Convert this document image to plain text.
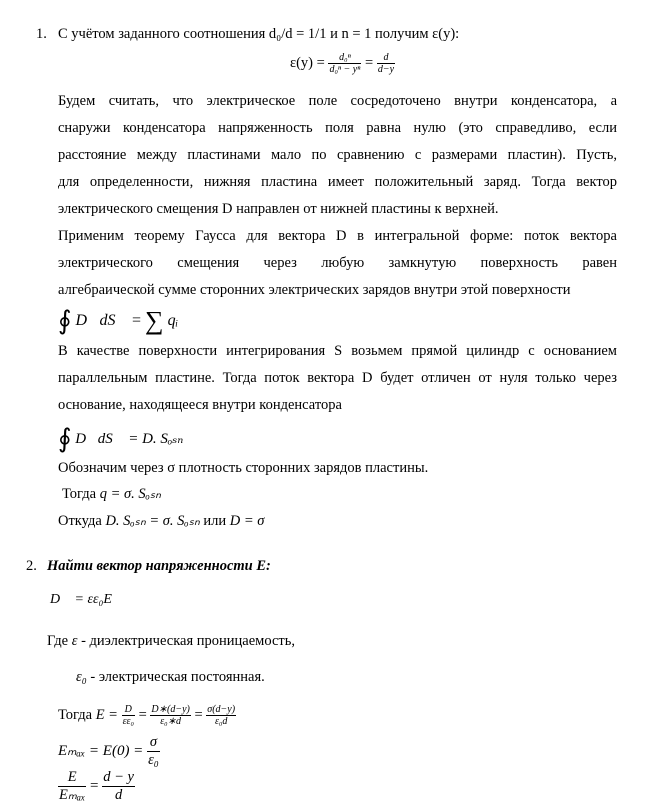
1. С учётом заданного соотношения d₀/d = 1/1 и n = 1 получим ε(y):
$\varepsilon(y) = \frac{\text{d₀ⁿ}}{\text{d₀ⁿ − yⁿ}} = \frac{d}{d-y}$
Будем считать, что электрическое поле сосредоточено внутри конденсатора, а
снаружи конденсатора напряженность поля равна нулю (это справедливо, если
расстояние между пластинами мало по сравнению с размерами пластин). Пусть,
для определенности, нижняя пластина имеет положительный заряд. Тогда вектор
электрического смещения D направлен от нижней пластины к верхней.
Применим теорему Гаусса для вектора D в интегральной форме: поток вектора
электрического смещения через любую замкнутую поверхность равен
алгебраической сумме сторонних электрических зарядов внутри этой поверхности
∮ D⃗dS⃗ = ∑ qᵢ
В качестве поверхности интегрирования S возьмем прямой цилиндр с основанием
параллельным пластине. Тогда поток вектора D будет отличен от нуля только через
основание, находящееся внутри конденсатора
∮ D⃗dS⃗ = D. Sₒₛₙ
Обозначим через σ плотность сторонних зарядов пластины.
Тогда q = σ. Sₒₛₙ
Откуда D. Sₒₛₙ = σ. Sₒₛₙ или D = σ
2. Найти вектор напряженности E:
D⃗ = εε₀E⃗
Где ε - диэлектрическая проницаемость,
ε₀ - электрическая постоянная.
Тогда $E = \frac{D}{\text{εε₀}} = \frac{D∗(d-y)}{\text{ε₀∗d}} = \frac{\sigma(d-y)}{\text{ε₀d}}$
$E_{max} = E(0) = \frac{\sigma}{\text{ε₀}}$
$\frac{E}{\text{Eₘₐₓ}} = \frac{d - y}{d}$
